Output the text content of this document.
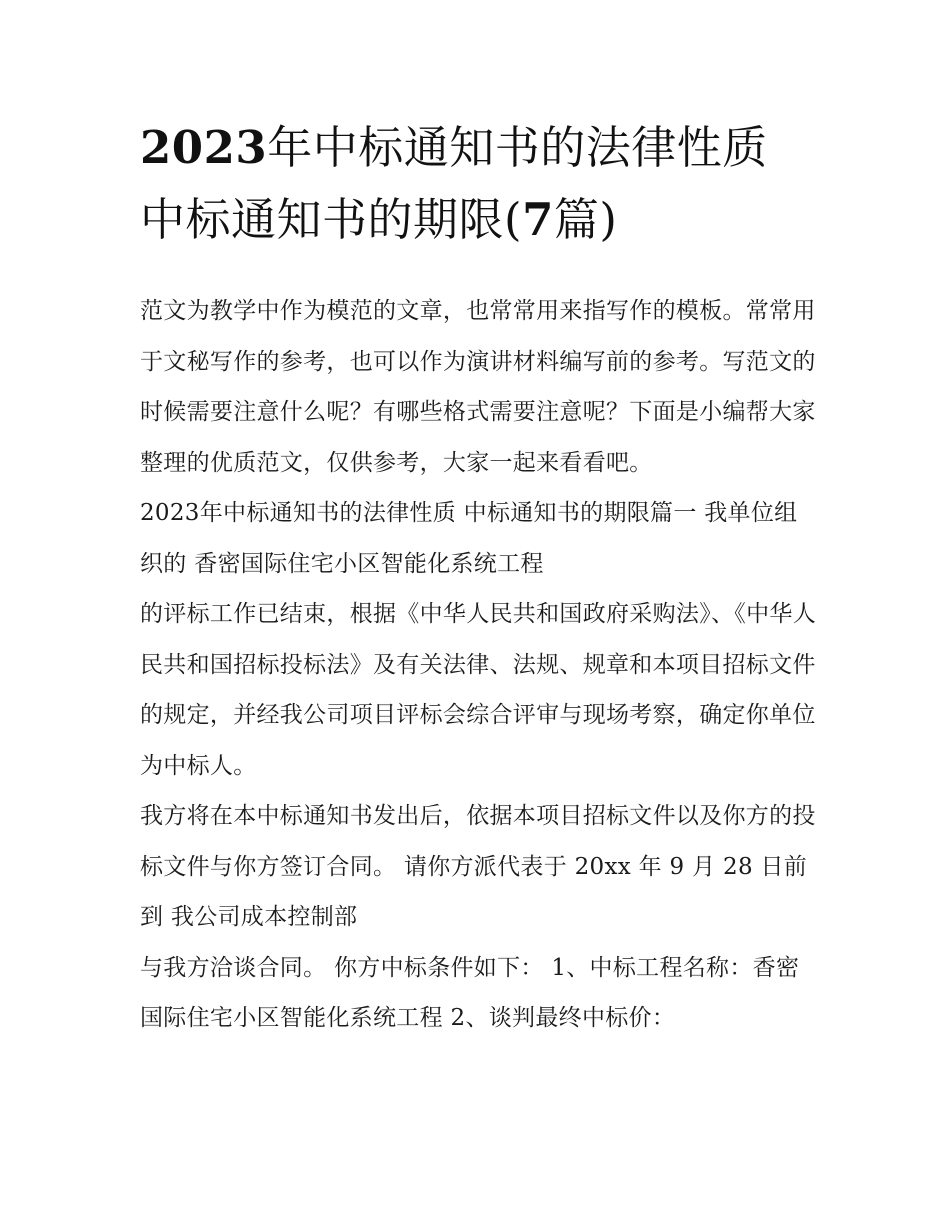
2023年中标通知书的法律性质
中标通知书的期限(7篇)

范文为教学中作为模范的文章，也常常用来指写作的模板。常常用于文秘写作的参考，也可以作为演讲材料编写前的参考。写范文的时候需要注意什么呢？有哪些格式需要注意呢？下面是小编帮大家整理的优质范文，仅供参考，大家一起来看看吧。

2023年中标通知书的法律性质 中标通知书的期限篇一 我单位组织的 香密国际住宅小区智能化系统工程

的评标工作已结束，根据《中华人民共和国政府采购法》、《中华人民共和国招标投标法》及有关法律、法规、规章和本项目招标文件的规定，并经我公司项目评标会综合评审与现场考察，确定你单位为中标人。

我方将在本中标通知书发出后，依据本项目招标文件以及你方的投标文件与你方签订合同。 请你方派代表于 20xx 年 9 月 28 日前到 我公司成本控制部

与我方洽谈合同。 你方中标条件如下： 1、中标工程名称：香密国际住宅小区智能化系统工程 2、谈判最终中标价：
